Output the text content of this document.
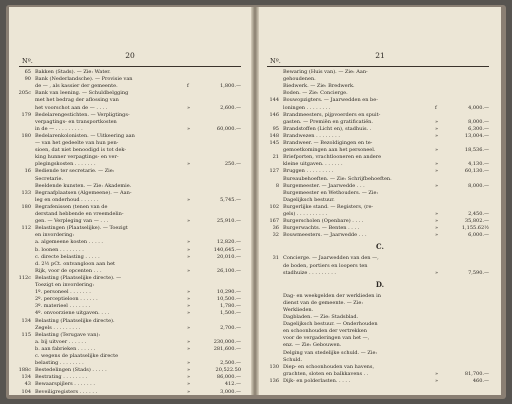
20
Nº.
65 Bakken (Stads). — Zie: Water.
90 Bank (Nederlandsche). — Provisie van
de — , als kassier der gemeente.	f	1,800.—
205c Bank van leening. — Schuldbelgging
met het bedrag der aflossing van
het voorschot aan de — . . . .	»	2,600.—
179 Bedelarengestichten. — Verpligtings-
verpagtings- en transportkosten
in de — . . . . . . . . .	»	60,000.—
180 Bedelarenkolonisten. — Uitkeering aan
— van het gedeelte van hun pen-
sioen, dat niet benoodigd is tot dek-
king hunner verpagtings- en ver-
plegingskosten . . . . . . .	»	250.—
16 Bediende ter secretarie. — Zie:
Secretarie.
Beeldende kunsten. — Zie: Akademie.
133 Begraafplaatsen (Algemeene). — Aan-
leg en onderhoud . . . . . .	»	5,745.—
180 Begrafenissen (tenen van de
derstand hebbende en vreemdelin-
gen. — Verpleging van — . . .	»	25,910.—
112 Belastingen (Plaatselijke). — Toezigt
en invordering:
a. algemeene kosten . . . . .	»	12,820.—
b. loonen . . . . . . . .	»	140,645.—
c. directe belasting . . . . .	»	20,010.—
d. 2½ pCt. ontvangloon aan het
Rijk, voor de opcenten . . .	»	26,100.—
112c Belasting (Plaatselijke directe). —
Toezigt en invordering:
1º. personeel . . . . . . .	»	10,290.—
2º. perceptieloon . . . . . .	»	10,500.—
3º. materieel . . . . . . .	»	1,780.—
4º. onvoorziene uitgaven. . . .	»	1,500.—
134 Belasting (Plaatselijke directe).
Zegels . . . . . . . . .	»	2,700.—
115 Belasting (Terugave van):
a. bij uitvoer . . . . . .	»	230,000.—
b. aan fabrieken . . . . . .	»	281,600.—
c. wegens de plaatselijke directe
belasting . . . . . . . .	»	2,500.—
188c Bestedelingen (Stads) . . . . .	»	20,522.50
134 Bestrating . . . . . . . .	»	86,000.—
43 Bewaarspijlers . . . . . . .	»	412.—
104 Beveiligregisters . . . . . .	»	3,000.—
21
Nº.
Bewaring (Huis van). — Zie: Aan-
gehoudenen.
Biedwerk. — Zie: Bredwerk.
Boden. — Zie: Concierge.
144 Bouwopzigters. — Jaarwedden en be-
loningen . . . . . . . .	f	4,000.—
146 Brandmeesters, pijpvoerders en spuit-
gasten. — Premiën en gratificatiën.	»	8,000.—
95 Brandstoffen (Licht en), stadhuis. .	»	6,300.—
148 Brandwezen . . . . . . . .	»	13,004.—
145 Brandweer. — Bezoldigingen en te-
gemoetkomingen aan het personeel.	»	18,536.—
21 Briefporten, vrachtlooneren en andere
kleine uitgaven. . . . . . .	»	4,130.—
127 Bruggen . . . . . . . . .	»	60,130.—
Bureaubehoeften. — Zie: Schrijfbehoeften.
8 Burgemeester. — Jaarwedde . . .	»	8,000.—
Burgemeester en Wethouders. — Zie:
Dagelijksch bestuur.
102 Burgerlijke stand. — Registers, (re-
gels) . . . . . . . . . .	»	2,450.—
167 Burgerscholen (Openbare) . . . .	»	35,802.—
36 Burgerwachts. — Benten . . . .	»	1,155.62½
32 Bouwmeesters. — Jaarwedde . . .	»	6,000.—
31 Concierge. — Jaarwedden van den —,
de boden, portiers en loopers ten
stadhuize . . . . . . . . .	»	7,590.—
Dag- en weekgelden der werklieden in
dienst van de gemeente. — Zie:
Werklieden.
Dagbladen. — Zie: Stadsblad.
Dagelijksch bestuur. — Onderhouden
en schoonhouden der vertrekken
voor de vergaderingen van het —,
enz. — Zie: Gebouwen.
Delging van stedelijke schuld. — Zie:
Schuld.
130 Diep- en schoonhouden van havens,
grachten, sloten en balkkavens . .	»	81,700.—
136 Dijk- en polderlasten. . . . .	»	460.—
C.
D.
